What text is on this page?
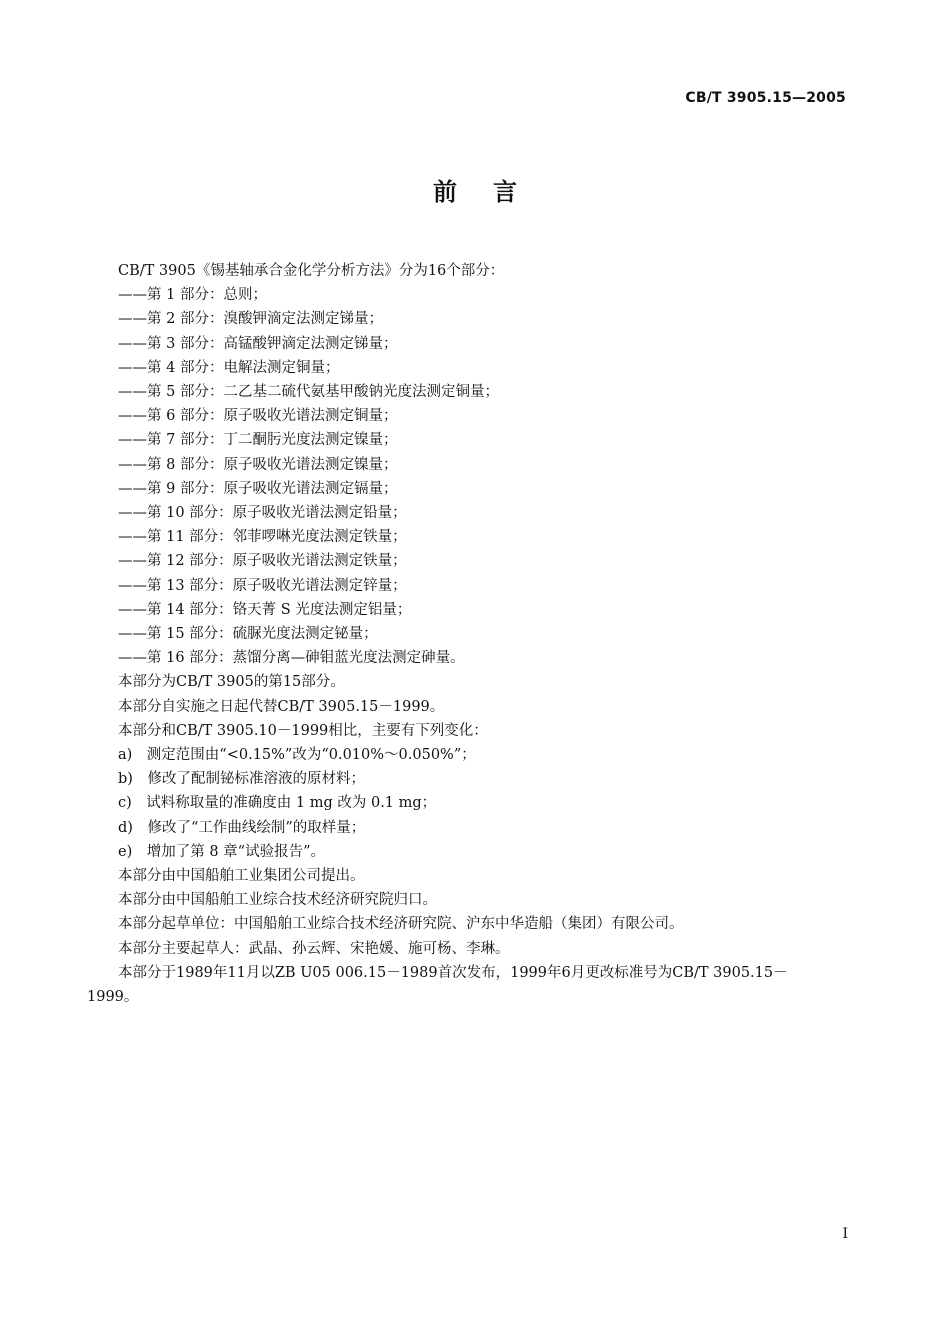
CB/T 3905.15—2005
前言
CB/T 3905《锡基轴承合金化学分析方法》分为16个部分：
——第 1 部分：总则；
——第 2 部分：溴酸钾滴定法测定锑量；
——第 3 部分：高锰酸钾滴定法测定锑量；
——第 4 部分：电解法测定铜量；
——第 5 部分：二乙基二硫代氨基甲酸钠光度法测定铜量；
——第 6 部分：原子吸收光谱法测定铜量；
——第 7 部分：丁二酮肟光度法测定镍量；
——第 8 部分：原子吸收光谱法测定镍量；
——第 9 部分：原子吸收光谱法测定镉量；
——第 10 部分：原子吸收光谱法测定铅量；
——第 11 部分：邻菲啰啉光度法测定铁量；
——第 12 部分：原子吸收光谱法测定铁量；
——第 13 部分：原子吸收光谱法测定锌量；
——第 14 部分：铬天菁 S 光度法测定铝量；
——第 15 部分：硫脲光度法测定铋量；
——第 16 部分：蒸馏分离—砷钼蓝光度法测定砷量。
本部分为CB/T 3905的第15部分。
本部分自实施之日起代替CB/T 3905.15－1999。
本部分和CB/T 3905.10－1999相比，主要有下列变化：
a)　测定范围由“<0.15%”改为“0.010%～0.050%”；
b)　修改了配制铋标准溶液的原材料；
c)　试料称取量的准确度由 1 mg 改为 0.1 mg；
d)　修改了“工作曲线绘制”的取样量；
e)　增加了第 8 章“试验报告”。
本部分由中国船舶工业集团公司提出。
本部分由中国船舶工业综合技术经济研究院归口。
本部分起草单位：中国船舶工业综合技术经济研究院、沪东中华造船（集团）有限公司。
本部分主要起草人：武晶、孙云辉、宋艳媛、施可杨、李琳。
本部分于1989年11月以ZB U05 006.15－1989首次发布，1999年6月更改标准号为CB/T 3905.15－
1999。
I
